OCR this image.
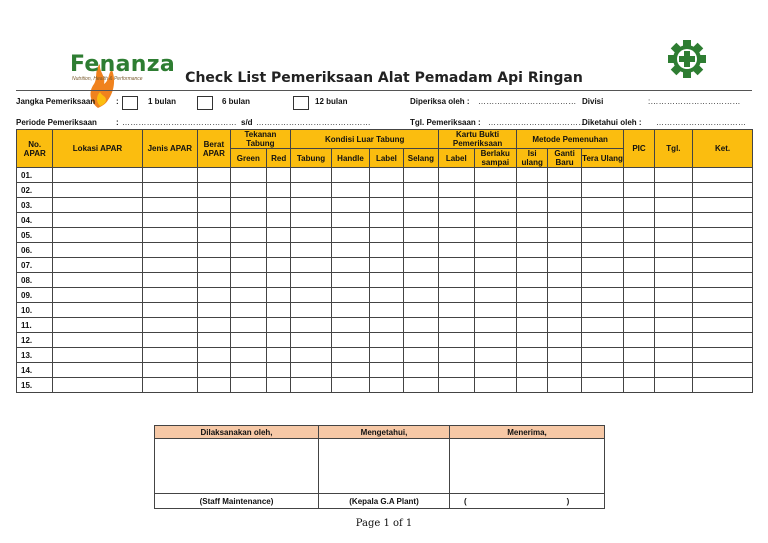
Fenanza
Nutrition, Health & Performance	Check List Pemeriksaan Alat Pemadam Api Ringan
Jangka Pemeriksaan	:	1 bulan	6 bulan	12 bulan	Diperiksa oleh : ……………………………… Divisi	:……………………………
Periode Pemeriksaan : …………………………………… s/d ……………………………………	Tgl. Pemeriksaan : ………………………………
Diketahui oleh : ……………………………
No. APAR	Lokasi APAR	Jenis APAR	Berat APAR	Tekanan Tabung		Kondisi Luar Tabung				Kartu Bukti Pemeriksaan		Metode Pemenuhan			PIC	Tgl.	Ket.
				Green	Red	Tabung	Handle	Label	Selang	Label	Berlaku sampai	Isi ulang	Ganti Baru	Tera Ulang			
01.																	
02.																	
03.																	
04.																	
05.																	
06.																	
07.																	
08.																	
09.																	
10.																	
11.																	
12.																	
13.																	
14.																	
15.																	
Dilaksanakan oleh,	Mengetahui,	Menerima,

(Staff Maintenance)	(Kepala G.A Plant)	(                                             )
Page 1 of 1
